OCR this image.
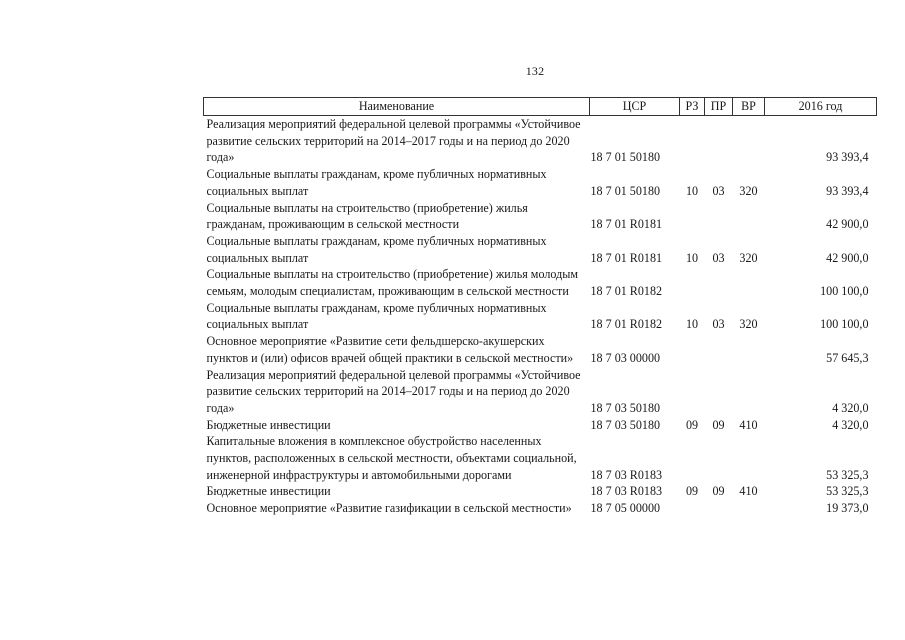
132
Наименование	ЦСР	РЗ	ПР	ВР	2016 год
Реализация мероприятий федеральной целевой программы «Устойчивое развитие сельских территорий на 2014–2017 годы и на период до 2020 года»	18 7 01 50180				93 393,4
Социальные выплаты гражданам, кроме публичных нормативных социальных выплат	18 7 01 50180	10	03	320	93 393,4
Социальные выплаты на строительство (приобретение) жилья гражданам, проживающим в сельской местности	18 7 01 R0181				42 900,0
Социальные выплаты гражданам, кроме публичных нормативных социальных выплат	18 7 01 R0181	10	03	320	42 900,0
Социальные выплаты на строительство (приобретение) жилья молодым семьям, молодым специалистам, проживающим в сельской местности	18 7 01 R0182				100 100,0
Социальные выплаты гражданам, кроме публичных нормативных социальных выплат	18 7 01 R0182	10	03	320	100 100,0
Основное мероприятие «Развитие сети фельдшерско-акушерских пунктов и (или) офисов врачей общей практики в сельской местности»	18 7 03 00000				57 645,3
Реализация мероприятий федеральной целевой программы «Устойчивое развитие сельских территорий на 2014–2017 годы и на период до 2020 года»	18 7 03 50180				4 320,0
Бюджетные инвестиции	18 7 03 50180	09	09	410	4 320,0
Капитальные вложения в комплексное обустройство населенных пунктов, расположенных в сельской местности, объектами социальной, инженерной инфраструктуры и автомобильными дорогами	18 7 03 R0183				53 325,3
Бюджетные инвестиции	18 7 03 R0183	09	09	410	53 325,3
Основное мероприятие «Развитие газификации в сельской местности»	18 7 05 00000				19 373,0
